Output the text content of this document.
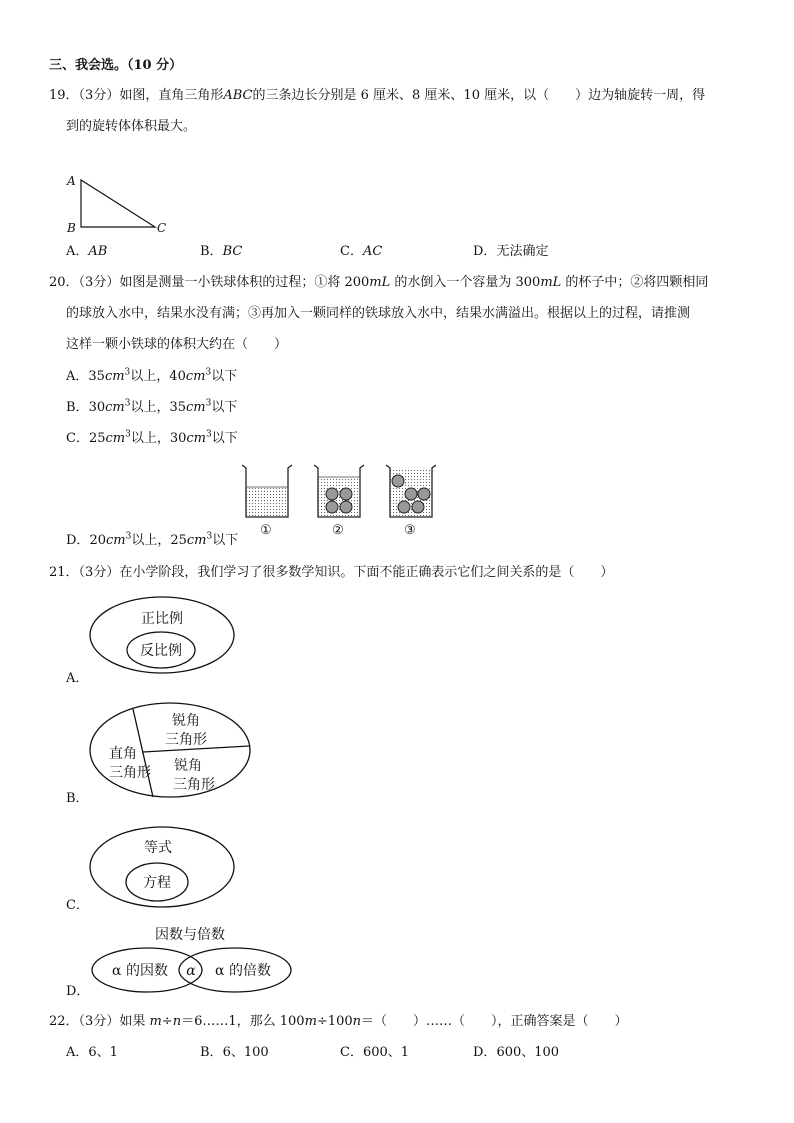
三、我会选。（10 分）
19．（3分）如图，直角三角形ABC的三条边长分别是 6 厘米、8 厘米、10 厘米，以（　　）边为轴旋转一周，得
到的旋转体体积最大。
A
B	C
A．AB	B．BC	C．AC	D．无法确定
20．（3分）如图是测量一小铁球体积的过程；①将 200mL 的水倒入一个容量为 300mL 的杯子中；②将四颗相同
的球放入水中，结果水没有满；③再加入一颗同样的铁球放入水中，结果水满溢出。根据以上的过程，请推测
这样一颗小铁球的体积大约在（　　）
A．$35cm^3$以上，$40cm^3$以下
B．$30cm^3$以上，$35cm^3$以下
C．$25cm^3$以上，$30cm^3$以下
①	②	③
D．$20cm^3$以上，$25cm^3$以下
21．（3分）在小学阶段，我们学习了很多数学知识。下面不能正确表示它们之间关系的是（　　）
正比例
反比例
A．
锐角
三角形
直角
三角形 锐角
三角形
B．
等式
方程
C．
因数与倍数
α 的因数 α α 的倍数
D．
22．（3分）如果 m÷n＝6……1，那么 100m÷100n＝（　　）……（　　），正确答案是（　　）
A．6、1	B．6、100	C．600、1	D．600、100
